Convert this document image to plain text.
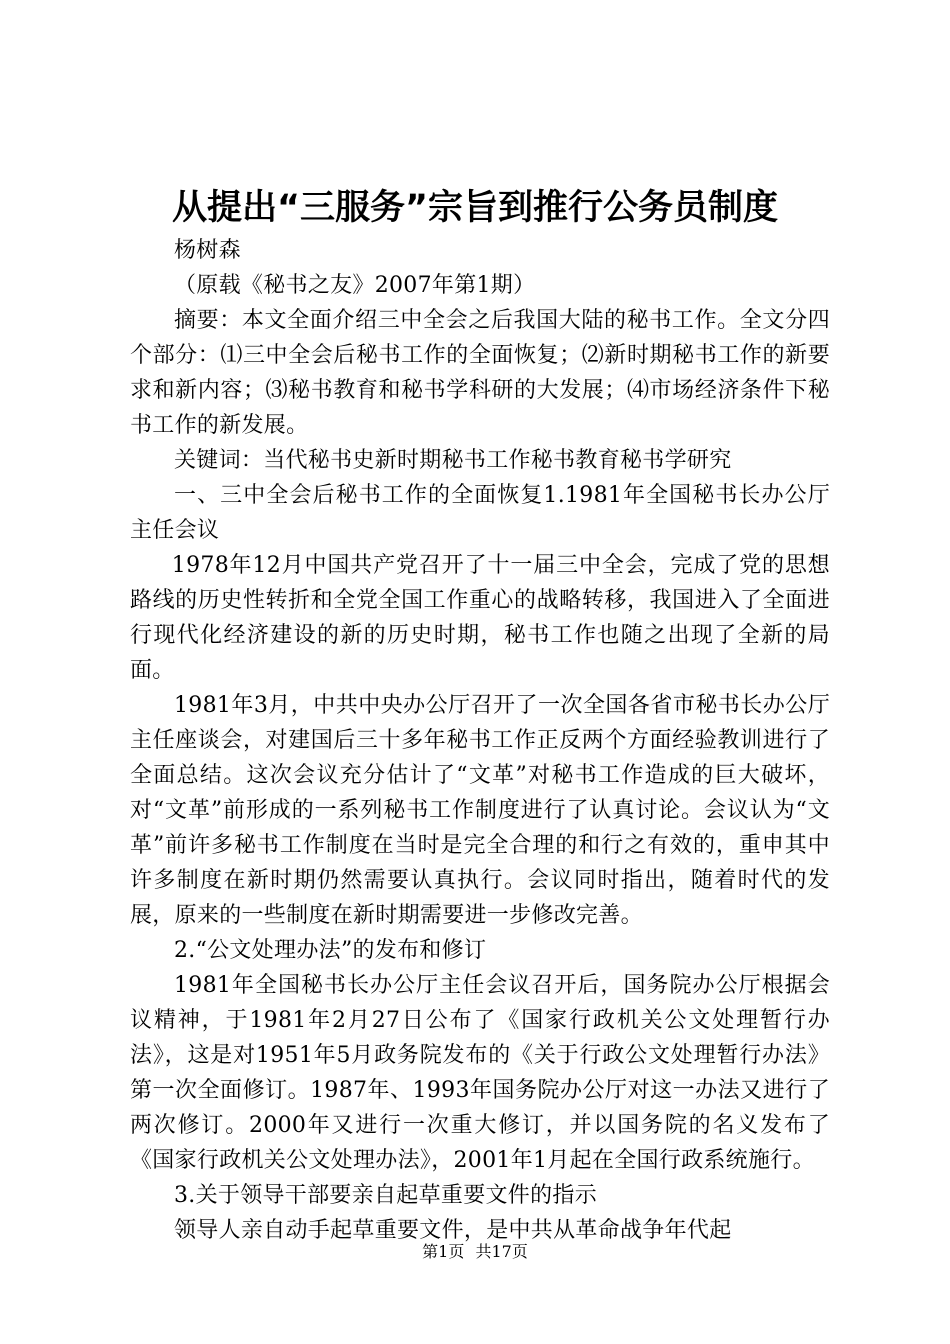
从提出“三服务”宗旨到推行公务员制度

杨树森

（原载《秘书之友》2007年第1期）

摘要：本文全面介绍三中全会之后我国大陆的秘书工作。全文分四个部分：⑴三中全会后秘书工作的全面恢复；⑵新时期秘书工作的新要求和新内容；⑶秘书教育和秘书学科研的大发展；⑷市场经济条件下秘书工作的新发展。

关键词：当代秘书史新时期秘书工作秘书教育秘书学研究

一、三中全会后秘书工作的全面恢复1.1981年全国秘书长办公厅主任会议

1978年12月中国共产党召开了十一届三中全会，完成了党的思想路线的历史性转折和全党全国工作重心的战略转移，我国进入了全面进行现代化经济建设的新的历史时期，秘书工作也随之出现了全新的局面。

1981年3月，中共中央办公厅召开了一次全国各省市秘书长办公厅主任座谈会，对建国后三十多年秘书工作正反两个方面经验教训进行了全面总结。这次会议充分估计了“文革”对秘书工作造成的巨大破坏，对“文革”前形成的一系列秘书工作制度进行了认真讨论。会议认为“文革”前许多秘书工作制度在当时是完全合理的和行之有效的，重申其中许多制度在新时期仍然需要认真执行。会议同时指出，随着时代的发展，原来的一些制度在新时期需要进一步修改完善。

2.“公文处理办法”的发布和修订

1981年全国秘书长办公厅主任会议召开后，国务院办公厅根据会议精神，于1981年2月27日公布了《国家行政机关公文处理暂行办法》，这是对1951年5月政务院发布的《关于行政公文处理暂行办法》第一次全面修订。1987年、1993年国务院办公厅对这一办法又进行了两次修订。2000年又进行一次重大修订，并以国务院的名义发布了《国家行政机关公文处理办法》，2001年1月起在全国行政系统施行。

3.关于领导干部要亲自起草重要文件的指示

领导人亲自动手起草重要文件，是中共从革命战争年代起

第1页 共17页
